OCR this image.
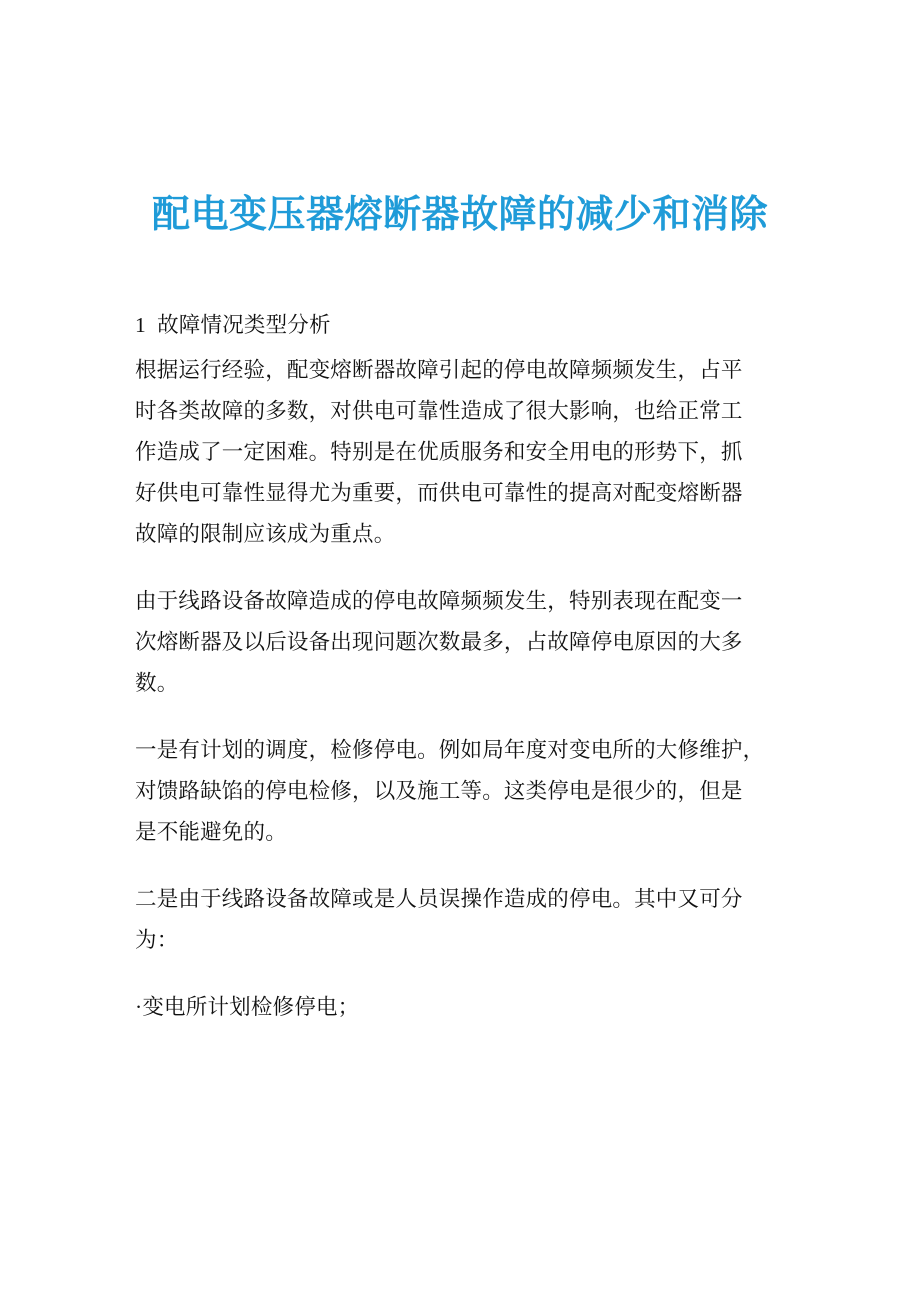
配电变压器熔断器故障的减少和消除
1  故障情况类型分析
根据运行经验，配变熔断器故障引起的停电故障频频发生，占平
时各类故障的多数，对供电可靠性造成了很大影响，也给正常工
作造成了一定困难。特别是在优质服务和安全用电的形势下，抓
好供电可靠性显得尤为重要，而供电可靠性的提高对配变熔断器
故障的限制应该成为重点。
由于线路设备故障造成的停电故障频频发生，特别表现在配变一
次熔断器及以后设备出现问题次数最多，占故障停电原因的大多
数。
一是有计划的调度，检修停电。例如局年度对变电所的大修维护，
对馈路缺馅的停电检修，以及施工等。这类停电是很少的，但是
是不能避免的。
二是由于线路设备故障或是人员误操作造成的停电。其中又可分
为：
·变电所计划检修停电；
